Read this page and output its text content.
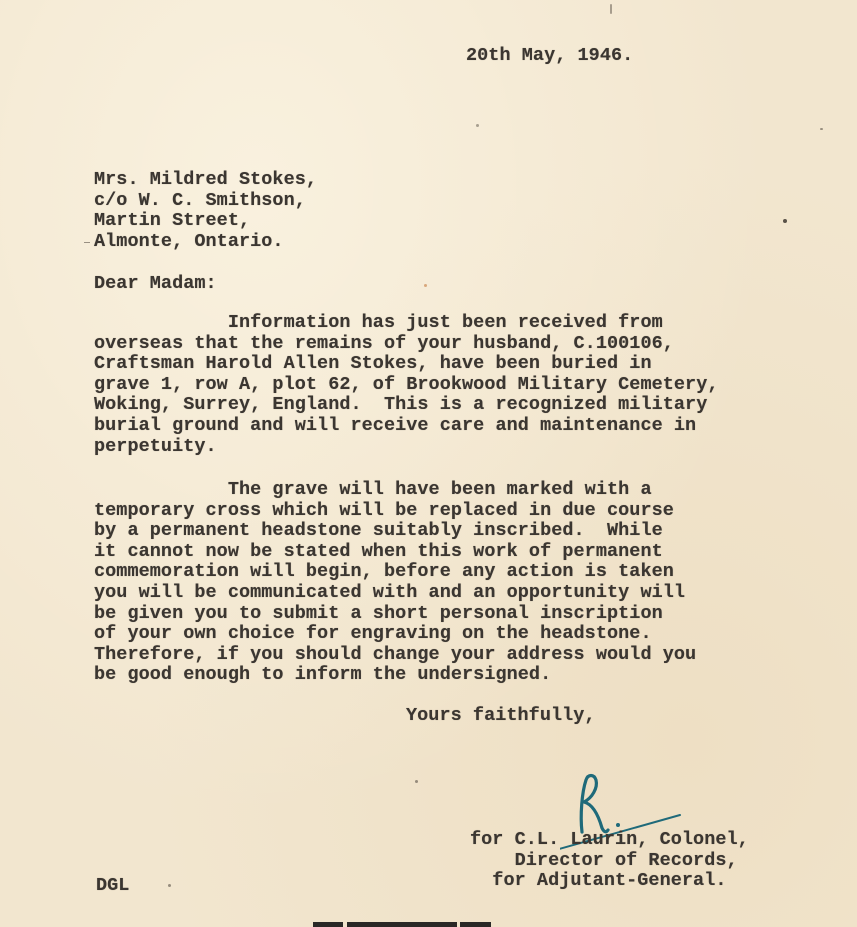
20th May, 1946.
Mrs. Mildred Stokes,
c/o W. C. Smithson,
Martin Street,
Almonte, Ontario.
Dear Madam:
Information has just been received from
overseas that the remains of your husband, C.100106,
Craftsman Harold Allen Stokes, have been buried in
grave 1, row A, plot 62, of Brookwood Military Cemetery,
Woking, Surrey, England.  This is a recognized military
burial ground and will receive care and maintenance in
perpetuity.
The grave will have been marked with a
temporary cross which will be replaced in due course
by a permanent headstone suitably inscribed.  While
it cannot now be stated when this work of permanent
commemoration will begin, before any action is taken
you will be communicated with and an opportunity will
be given you to submit a short personal inscription
of your own choice for engraving on the headstone.
Therefore, if you should change your address would you
be good enough to inform the undersigned.
Yours faithfully,
for C.L. Laurin, Colonel,
Director of Records,
for Adjutant-General.
DGL
